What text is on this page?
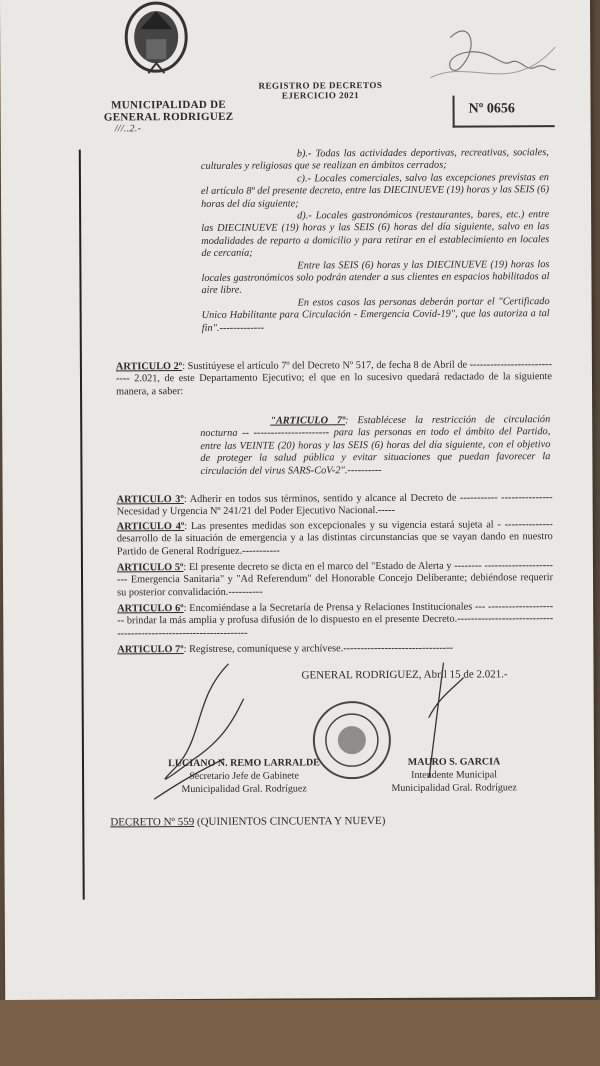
MUNICIPALIDAD DE
GENERAL RODRIGUEZ
///..2.-
REGISTRO DE DECRETOS
EJERCICIO 2021
Nº 0656

b).- Todas las actividades deportivas, recreativas, sociales, culturales y religiosas que se realizan en ámbitos cerrados;

c).- Locales comerciales, salvo las excepciones previstas en el artículo 8º del presente decreto, entre las DIECINUEVE (19) horas y las SEIS (6) horas del día siguiente;

d).- Locales gastronómicos (restaurantes, bares, etc.) entre las DIECINUEVE (19) horas y las SEIS (6) horas del día siguiente, salvo en las modalidades de reparto a domicilio y para retirar en el establecimiento en locales de cercanía;

Entre las SEIS (6) horas y las DIECINUEVE (19) horas los locales gastronómicos solo podrán atender a sus clientes en espacios habilitados al aire libre.

En estos casos las personas deberán portar el "Certificado Unico Habilitante para Circulación - Emergencia Covid-19", que las autoriza a tal fin".-------------

ARTICULO 2º: Sustitúyese el artículo 7º del Decreto Nº 517, de fecha 8 de Abril de ---------------------------- 2.021, de este Departamento Ejecutivo; el que en lo sucesivo quedará redactado de la siguiente manera, a saber:

"ARTICULO 7º: Establécese la restricción de circulación nocturna -- ---------------------- para las personas en todo el ámbito del Partido, entre las VEINTE (20) horas y las SEIS (6) horas del día siguiente, con el objetivo de proteger la salud pública y evitar situaciones que puedan favorecer la circulación del virus SARS-CoV-2".----------

ARTICULO 3º: Adherir en todos sus términos, sentido y alcance al Decreto de ----------- --------------- Necesidad y Urgencia Nº 241/21 del Poder Ejecutivo Nacional.-----
ARTICULO 4º: Las presentes medidas son excepcionales y su vigencia estará sujeta al - -------------- desarrollo de la situación de emergencia y a las distintas circunstancias que se vayan dando en nuestro Partido de General Rodríguez.-----------
ARTICULO 5º: El presente decreto se dicta en el marco del "Estado de Alerta y -------- ----------------------- Emergencia Sanitaria" y "Ad Referendum" del Honorable Concejo Deliberante; debiéndose requerir su posterior convalidación.----------
ARTICULO 6º: Encomiéndase a la Secretaría de Prensa y Relaciones Institucionales --- --------------------- brindar la más amplia y profusa difusión de lo dispuesto en el presente Decreto.------------------------------------------------------------------
ARTICULO 7º: Regístrese, comuníquese y archívese.--------------------------------
GENERAL RODRIGUEZ, Abril 15 de 2.021.-
LUCIANO N. REMO LARRALDE
Secretario Jefe de Gabinete
Municipalidad Gral. Rodríguez
MAURO S. GARCIA
Intendente Municipal
Municipalidad Gral. Rodríguez
DECRETO Nº 559 (QUINIENTOS CINCUENTA Y NUEVE)
